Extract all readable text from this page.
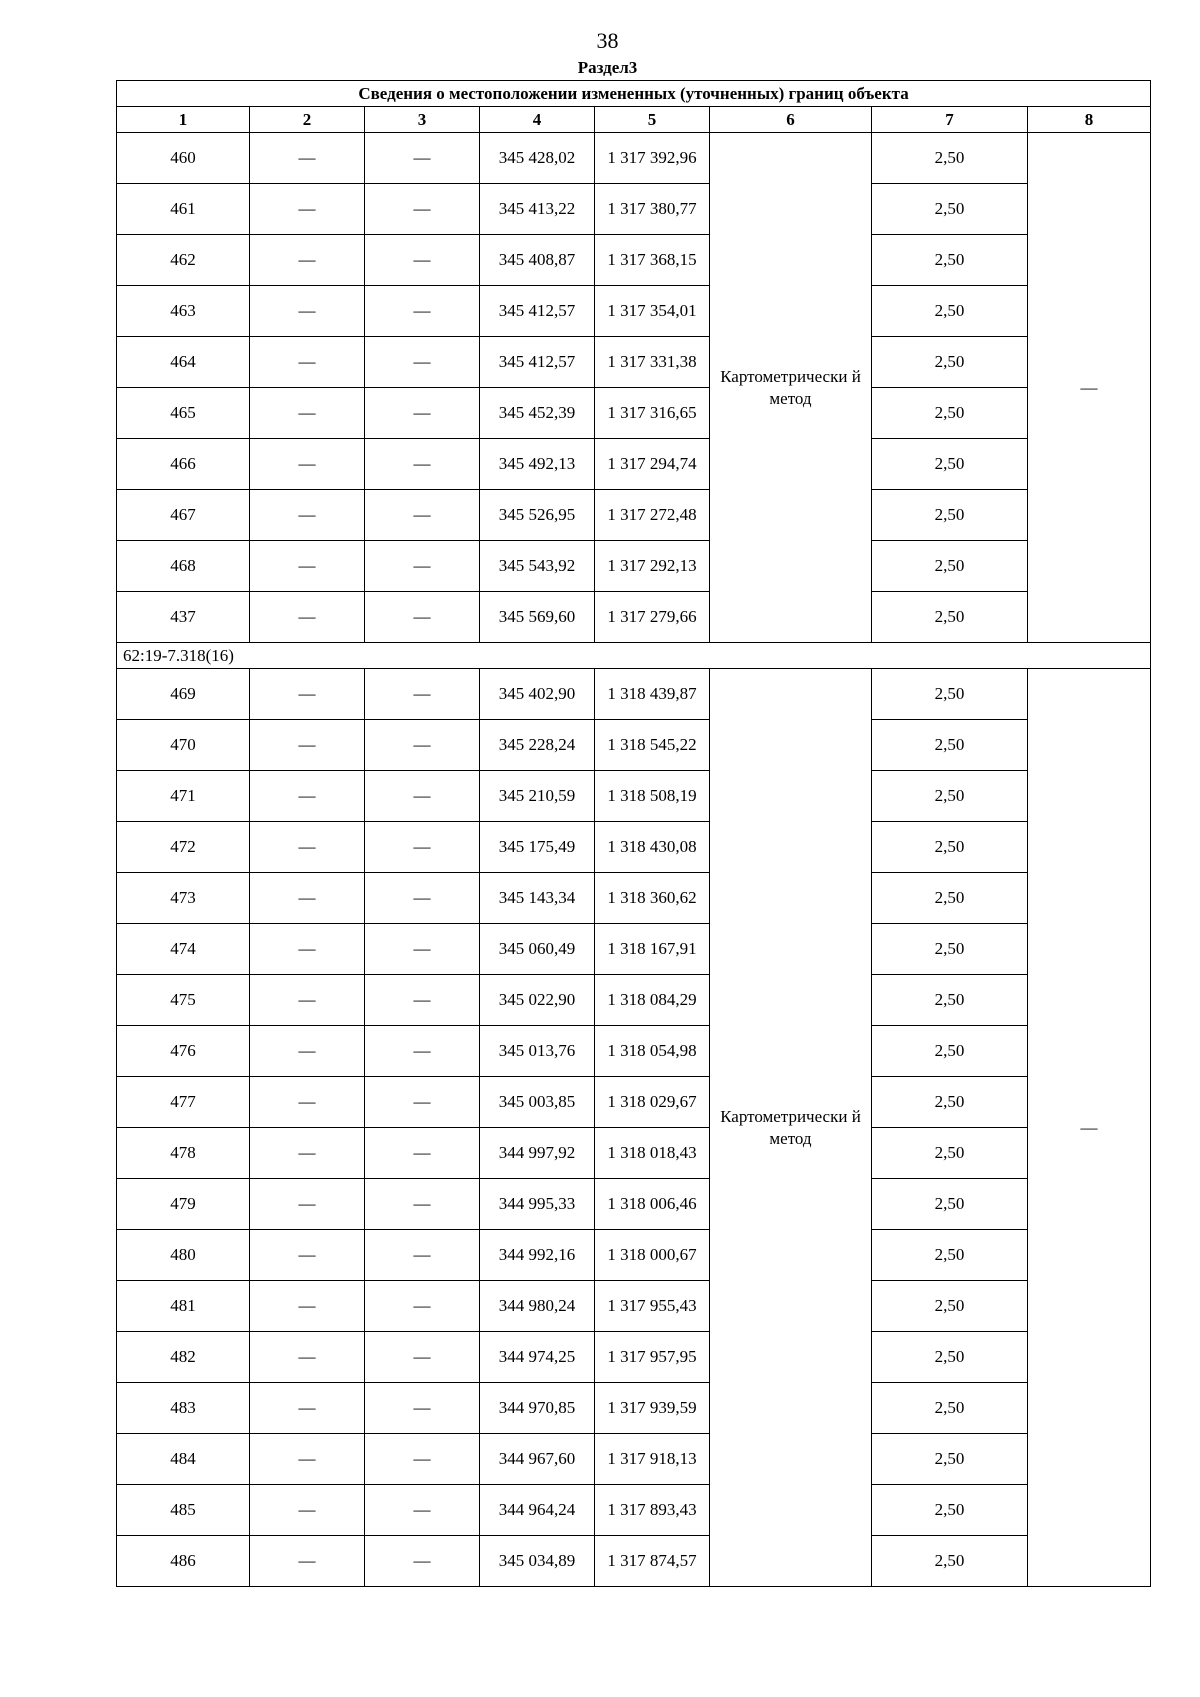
38
Раздел3
Сведения о местоположении измененных (уточненных) границ объекта							
1	2	3	4	5	6	7	8
460	—	—	345 428,02	1 317 392,96	Картометрически й метод	2,50	—
461	—	—	345 413,22	1 317 380,77		2,50	
462	—	—	345 408,87	1 317 368,15		2,50	
463	—	—	345 412,57	1 317 354,01		2,50	
464	—	—	345 412,57	1 317 331,38		2,50	
465	—	—	345 452,39	1 317 316,65		2,50	
466	—	—	345 492,13	1 317 294,74		2,50	
467	—	—	345 526,95	1 317 272,48		2,50	
468	—	—	345 543,92	1 317 292,13		2,50	
437	—	—	345 569,60	1 317 279,66		2,50	
62:19-7.318(16)							
469	—	—	345 402,90	1 318 439,87	Картометрически й метод	2,50	—
470	—	—	345 228,24	1 318 545,22		2,50	
471	—	—	345 210,59	1 318 508,19		2,50	
472	—	—	345 175,49	1 318 430,08		2,50	
473	—	—	345 143,34	1 318 360,62		2,50	
474	—	—	345 060,49	1 318 167,91		2,50	
475	—	—	345 022,90	1 318 084,29		2,50	
476	—	—	345 013,76	1 318 054,98		2,50	
477	—	—	345 003,85	1 318 029,67		2,50	
478	—	—	344 997,92	1 318 018,43		2,50	
479	—	—	344 995,33	1 318 006,46		2,50	
480	—	—	344 992,16	1 318 000,67		2,50	
481	—	—	344 980,24	1 317 955,43		2,50	
482	—	—	344 974,25	1 317 957,95		2,50	
483	—	—	344 970,85	1 317 939,59		2,50	
484	—	—	344 967,60	1 317 918,13		2,50	
485	—	—	344 964,24	1 317 893,43		2,50	
486	—	—	345 034,89	1 317 874,57		2,50	
